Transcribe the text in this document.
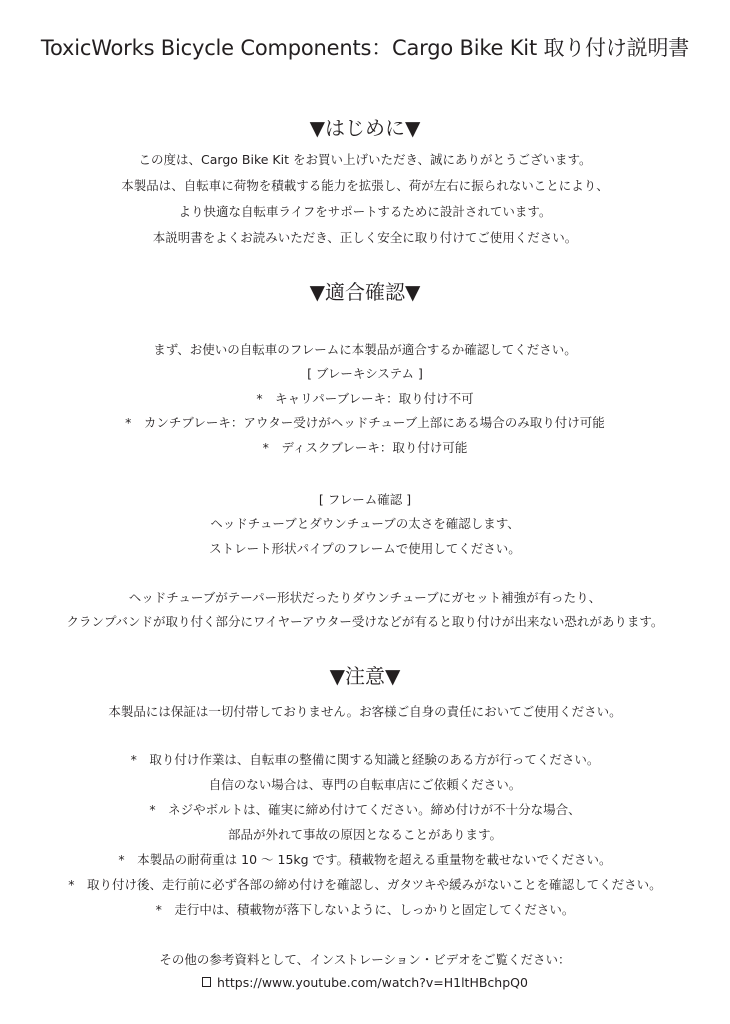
ToxicWorks Bicycle Components：Cargo Bike Kit 取り付け説明書
▼はじめに▼
この度は、Cargo Bike Kit をお買い上げいただき、誠にありがとうございます。
本製品は、自転車に荷物を積載する能力を拡張し、荷が左右に振られないことにより、
より快適な自転車ライフをサポートするために設計されています。
本説明書をよくお読みいただき、正しく安全に取り付けてご使用ください。
▼適合確認▼
まず、お使いの自転車のフレームに本製品が適合するか確認してください。
[ ブレーキシステム ]
*　キャリパーブレーキ：取り付け不可
*　カンチブレーキ：アウター受けがヘッドチューブ上部にある場合のみ取り付け可能
*　ディスクブレーキ：取り付け可能
[ フレーム確認 ]
ヘッドチューブとダウンチューブの太さを確認します、
ストレート形状パイプのフレームで使用してください。
ヘッドチューブがテーパー形状だったりダウンチューブにガセット補強が有ったり、
クランプバンドが取り付く部分にワイヤーアウター受けなどが有ると取り付けが出来ない恐れがあります。
▼注意▼
本製品には保証は一切付帯しておりません。お客様ご自身の責任においてご使用ください。
*　取り付け作業は、自転車の整備に関する知識と経験のある方が行ってください。
自信のない場合は、専門の自転車店にご依頼ください。
*　ネジやボルトは、確実に締め付けてください。締め付けが不十分な場合、
部品が外れて事故の原因となることがあります。
*　本製品の耐荷重は 10 ～ 15kg です。積載物を超える重量物を載せないでください。
*　取り付け後、走行前に必ず各部の締め付けを確認し、ガタツキや緩みがないことを確認してください。
*　走行中は、積載物が落下しないように、しっかりと固定してください。
その他の参考資料として、インストレーション・ビデオをご覧ください：
https://www.youtube.com/watch?v=H1ltHBchpQ0
